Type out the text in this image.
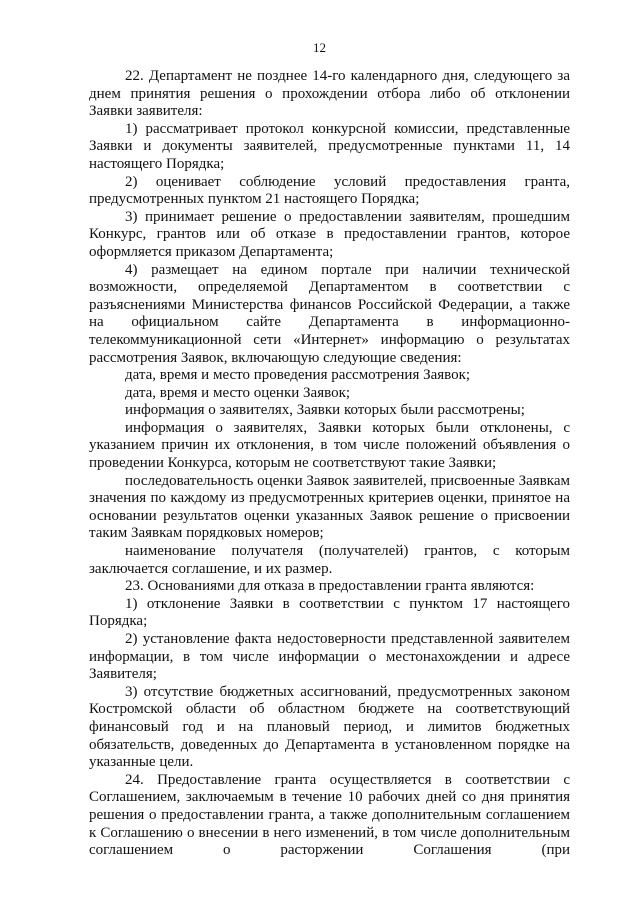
12

22. Департамент не позднее 14-го календарного дня, следующего за днем принятия решения о прохождении отбора либо об отклонении Заявки заявителя:

1) рассматривает протокол конкурсной комиссии, представленные Заявки и документы заявителей, предусмотренные пунктами 11, 14 настоящего Порядка;

2) оценивает соблюдение условий предоставления гранта, предусмотренных пунктом 21 настоящего Порядка;

3) принимает решение о предоставлении заявителям, прошедшим Конкурс, грантов или об отказе в предоставлении грантов, которое оформляется приказом Департамента;

4) размещает на едином портале при наличии технической возможности, определяемой Департаментом в соответствии с разъяснениями Министерства финансов Российской Федерации, а также на официальном сайте Департамента в информационно-телекоммуникационной сети «Интернет» информацию о результатах рассмотрения Заявок, включающую следующие сведения:

дата, время и место проведения рассмотрения Заявок;

дата, время и место оценки Заявок;

информация о заявителях, Заявки которых были рассмотрены;

информация о заявителях, Заявки которых были отклонены, с указанием причин их отклонения, в том числе положений объявления о проведении Конкурса, которым не соответствуют такие Заявки;

последовательность оценки Заявок заявителей, присвоенные Заявкам значения по каждому из предусмотренных критериев оценки, принятое на основании результатов оценки указанных Заявок решение о присвоении таким Заявкам порядковых номеров;

наименование получателя (получателей) грантов, с которым заключается соглашение, и их размер.

23. Основаниями для отказа в предоставлении гранта являются:

1) отклонение Заявки в соответствии с пунктом 17 настоящего Порядка;

2) установление факта недостоверности представленной заявителем информации, в том числе информации о местонахождении и адресе Заявителя;

3) отсутствие бюджетных ассигнований, предусмотренных законом Костромской области об областном бюджете на соответствующий финансовый год и на плановый период, и лимитов бюджетных обязательств, доведенных до Департамента в установленном порядке на указанные цели.

24. Предоставление гранта осуществляется в соответствии с Соглашением, заключаемым в течение 10 рабочих дней со дня принятия решения о предоставлении гранта, а также дополнительным соглашением к Соглашению о внесении в него изменений, в том числе дополнительным соглашением о расторжении Соглашения (при
